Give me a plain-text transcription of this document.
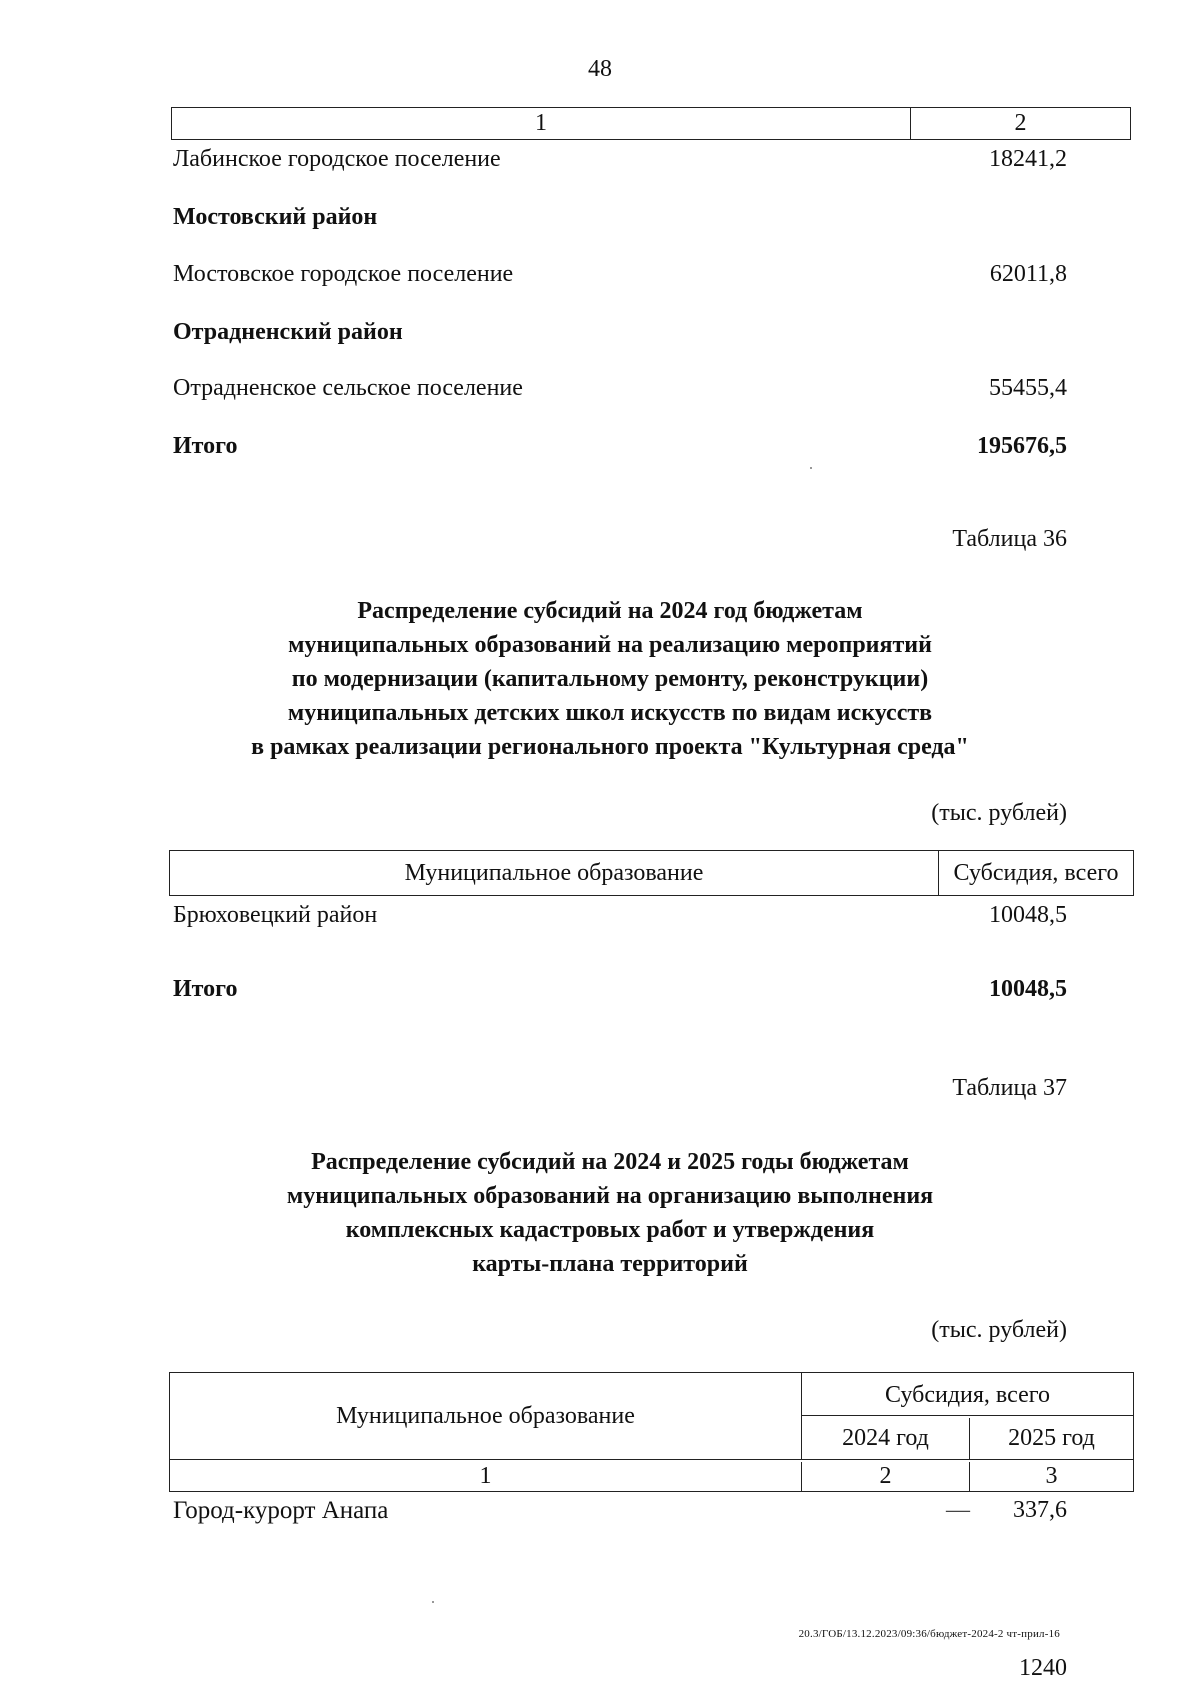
48
1	2
Лабинское городское поселение	18241,2
Мостовский район
Мостовское городское поселение	62011,8
Отрадненский район
Отрадненское сельское поселение	55455,4
Итого	195676,5
Таблица 36
Распределение субсидий на 2024 год бюджетам
муниципальных образований на реализацию мероприятий
по модернизации (капитальному ремонту, реконструкции)
муниципальных детских школ искусств по видам искусств
в рамках реализации регионального проекта "Культурная среда"
(тыс. рублей)
Муниципальное образование	Субсидия, всего
Брюховецкий район	10048,5
Итого	10048,5
Таблица 37
Распределение субсидий на 2024 и 2025 годы бюджетам
муниципальных образований на организацию выполнения
комплексных кадастровых работ и утверждения
карты-плана территорий
(тыс. рублей)
Муниципальное образование
Субсидия, всего
2024 год	2025 год
1	2	3
Город-курорт Анапа	—	337,6
20.3/ГОБ/13.12.2023/09:36/бюджет-2024-2 чт-прил-16
1240
